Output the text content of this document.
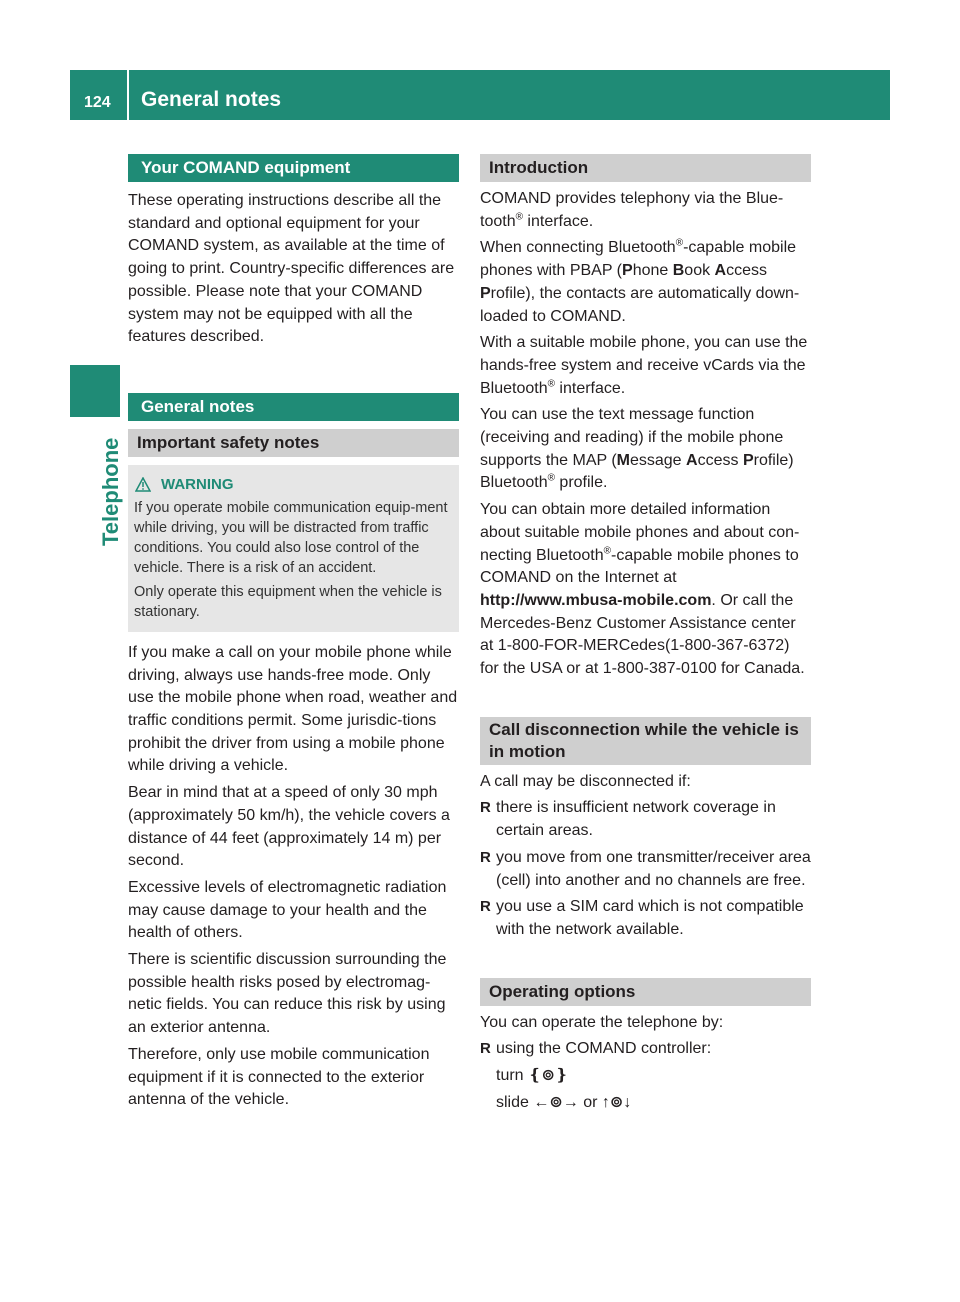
124 General notes
Telephone
Your COMAND equipment

These operating instructions describe all the standard and optional equipment for your COMAND system, as available at the time of going to print. Country-specific differences are possible. Please note that your COMAND system may not be equipped with all the features described.

General notes
Important safety notes
WARNING

If you operate mobile communication equip-ment while driving, you will be distracted from traffic conditions. You could also lose control of the vehicle. There is a risk of an accident.

Only operate this equipment when the vehicle is stationary.

If you make a call on your mobile phone while driving, always use hands-free mode. Only use the mobile phone when road, weather and traffic conditions permit. Some jurisdic-tions prohibit the driver from using a mobile phone while driving a vehicle.

Bear in mind that at a speed of only 30 mph (approximately 50 km/h), the vehicle covers a distance of 44 feet (approximately 14 m) per second.

Excessive levels of electromagnetic radiation may cause damage to your health and the health of others.

There is scientific discussion surrounding the possible health risks posed by electromag-netic fields. You can reduce this risk by using an exterior antenna.

Therefore, only use mobile communication equipment if it is connected to the exterior antenna of the vehicle.

Introduction

COMAND provides telephony via the Blue-tooth® interface.

When connecting Bluetooth®-capable mobile phones with PBAP (Phone Book Access Profile), the contacts are automatically down-loaded to COMAND.

With a suitable mobile phone, you can use the hands-free system and receive vCards via the Bluetooth® interface.

You can use the text message function (receiving and reading) if the mobile phone supports the MAP (Message Access Profile) Bluetooth® profile.

You can obtain more detailed information about suitable mobile phones and about con-necting Bluetooth®-capable mobile phones to COMAND on the Internet at http://www.mbusa-mobile.com. Or call the Mercedes-Benz Customer Assistance center at 1-800-FOR-MERCedes(1-800-367-6372) for the USA or at 1-800-387-0100 for Canada.

Call disconnection while the vehicle is in motion

A call may be disconnected if:

R there is insufficient network coverage in certain areas.
R you move from one transmitter/receiver area (cell) into another and no channels are free.
R you use a SIM card which is not compatible with the network available.
Operating options

You can operate the telephone by:

R using the COMAND controller:

turn ❴⊚❵

slide ←⊚→ or ↑⊚↓
